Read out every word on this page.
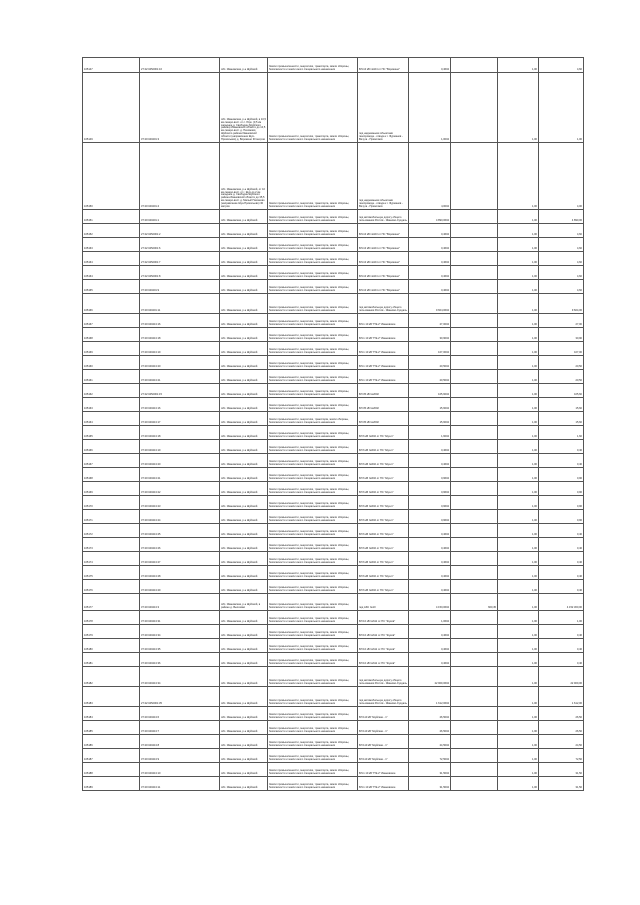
105147	27:22:0452001:16	обл. Ивановская, р-н Шуйский	Земли промышленности, энергетики, транспорта, земли обороны, безопасности и земли иного специального назначения	ВЛ-10 кВ №104 от ПС "Ворожино"	0,4604		1,00	4,60
105149	37:20:040401:3	обл. Ивановская, р-н Шуйский, в 10,5 км северо-вост. от с. Юрк. (0,5 км западнее д. Свободин (Шуйского района) Ивановской области до 10,5 км северо-вост. д. Пахомово; Шуйского района Ивановской области (направление Шуя-Прокопьево) д. Ворожино 30 метров	Земли промышленности, энергетики, транспорта, земли обороны, безопасности и земли иного специального назначения	под надземными объектами газопровода - отвода к г. Фурманов - Вичуга - Приволжск	1,0004		1,00	1,00
105150	37:20:040401:4	обл. Ивановская, р-н Шуйский, от 10 км северо-вост. от г. Шуя до 2 км западнее д. Свободин Шуйского района Ивановской области до 35,5 км северо-вост. д. Малый Пахомово (направление Шуя-Прокопьево) 30 метров	Земли промышленности, энергетики, транспорта, земли обороны, безопасности и земли иного специального назначения	под надземными объектами газопровода - отвода к г. Фурманов - Вичуга - Приволжск	4,0004		1,00	4,00
105151	37:20:040401:1	обл. Ивановская, р-н Шуйский	Земли промышленности, энергетики, транспорта, земли обороны, безопасности и земли иного специального назначения	под автомобильную дорогу общего пользования Ростов - Иваново-Суздаль	4 890,0604		1,00	4 890,06
105152	27:22:0452001:2	обл. Ивановская, р-н Шуйский	Земли промышленности, энергетики, транспорта, земли обороны, безопасности и земли иного специального назначения	ВЛ-10 кВ №103 от ПС "Ворожино"	0,4604		1,00	4,60
105163	27:22:0452001:6	обл. Ивановская, р-н Шуйский	Земли промышленности, энергетики, транспорта, земли обороны, безопасности и земли иного специального назначения	ВЛ-10 кВ №104 от ПС "Ворожино"	0,4604		1,00	4,60
105164	27:22:0452001:7	обл. Ивановская, р-н Шуйский	Земли промышленности, энергетики, транспорта, земли обороны, безопасности и земли иного специального назначения	ВЛ-10 кВ №104 от ПС "Ворожино"	0,4604		1,00	4,60
105164	27:22:0452001:8	обл. Ивановская, р-н Шуйский	Земли промышленности, энергетики, транспорта, земли обороны, безопасности и земли иного специального назначения	ВЛ-10 кВ №104 от ПС "Ворожино"	0,4604		1,00	4,60
105165	37:20:040401:9	обл. Ивановская, р-н Шуйский	Земли промышленности, энергетики, транспорта, земли обороны, безопасности и земли иного специального назначения	ВЛ-10 кВ №104 от ПС "Ворожино"	0,4604		1,00	4,60
105166	37:20:040401:11	обл. Ивановская, р-н Шуйский	Земли промышленности, энергетики, транспорта, земли обороны, безопасности и земли иного специального назначения	под автомобильную дорогу общего пользования Ростов - Иваново-Суздаль	9 604,0604		1,00	9 604,06
105167	37:20:040413:16	обл. Ивановская, р-н Шуйский	Земли промышленности, энергетики, транспорта, земли обороны, безопасности и земли иного специального назначения	ВЛ-1 10 кВ "ПЭ-2" Ивановское	27,0004		1,00	27,00
105168	37:20:040413:18	обл. Ивановская, р-н Шуйский	Земли промышленности, энергетики, транспорта, земли обороны, безопасности и земли иного специального назначения	ВЛ-1 10 кВ "ПЭ-2" Ивановское	30,9004		1,00	30,90
105169	37:20:040413:19	обл. Ивановская, р-н Шуйский	Земли промышленности, энергетики, транспорта, земли обороны, безопасности и земли иного специального назначения	ВЛ-1 10 кВ "ПЭ-2" Ивановское	107,0004		1,00	107,00
105160	37:20:040413:20	обл. Ивановская, р-н Шуйский	Земли промышленности, энергетики, транспорта, земли обороны, безопасности и земли иного специального назначения	ВЛ-1 10 кВ "ПЭ-2" Ивановское	20,5004		1,00	20,50
105161	37:20:040413:21	обл. Ивановская, р-н Шуйский	Земли промышленности, энергетики, транспорта, земли обороны, безопасности и земли иного специального назначения	ВЛ-1 10 кВ "ПЭ-2" Ивановское	20,5004		1,00	20,50
105162	27:22:0452001:15	обл. Ивановская, р-н Шуйский	Земли промышленности, энергетики, транспорта, земли обороны, безопасности и земли иного специального назначения	ВЛ 35 кВ №2002	105,6004		1,00	105,60
105163	37:20:040413:16	обл. Ивановская, р-н Шуйский	Земли промышленности, энергетики, транспорта, земли обороны, безопасности и земли иного специального назначения	ВЛ 35 кВ №2002	15,6004		1,00	15,60
105164	37:20:040413:17	обл. Ивановская, р-н Шуйский	Земли промышленности, энергетики, транспорta, земли обороны, безопасности и земли иного специального назначения	ВЛ 35 кВ №2002	15,6004		1,00	15,60
105165	37:20:040413:18	обл. Ивановская, р-н Шуйский	Земли промышленности, энергетики, транспорта, земли обороны, безопасности и земли иного специального назначения	ВЛ 6 кВ №602 от ПС "Шуя-1"	1,6004		1,00	1,60
105166	37:20:040413:19	обл. Ивановская, р-н Шуйский	Земли промышленности, энергетики, транспорта, земли обороны, безопасности и земли иного специального назначения	ВЛ 6 кВ №602 от ПС "Шуя-1"	0,4604		1,00	0,46
105167	37:20:040413:20	обл. Ивановская, р-н Шуйский	Земли промышленности, энергетики, транспорта, земли обороны, безопасности и земли иного специального назначения	ВЛ 6 кВ №602 от ПС "Шуя-1"	0,4604		1,00	0,46
105168	37:20:040413:21	обл. Ивановская, р-н Шуйский	Земли промышленности, энергетики, транспорта, земли обороны, безопасности и земли иного специального назначения	ВЛ 6 кВ №602 от ПС "Шуя-1"	0,9604		1,00	0,96
105169	37:20:040413:22	обл. Ивановская, р-н Шуйский	Земли промышленности, энергетики, транспорта, земли обороны, безопасности и земли иного специального назначения	ВЛ 6 кВ №602 от ПС "Шуя-1"	0,9604		1,00	0,96
105170	37:20:040413:23	обл. Ивановская, р-н Шуйский	Земли промышленности, энергетики, транспорта, земли обороны, безопасности и земли иного специального назначения	ВЛ 6 кВ №602 от ПС "Шуя-1"	0,9604		1,00	0,96
105171	37:20:040413:24	обл. Ивановская, р-н Шуйский	Земли промышленности, энергетики, транспорта, земли обороны, безопасности и земли иного специального назначения	ВЛ 6 кВ №602 от ПС "Шуя-1"	0,9604		1,00	0,96
105172	37:20:040413:25	обл. Ивановская, р-н Шуйский	Земли промышленности, энергетики, транспорта, земли обороны, безопасности и земли иного специального назначения	ВЛ 6 кВ №602 от ПС "Шуя-1"	0,4604		1,00	0,46
105173	37:20:040413:26	обл. Ивановская, р-н Шуйский	Земли промышленности, энергетики, транспорта, земли обороны, безопасности и земли иного специального назначения	ВЛ 6 кВ №602 от ПС "Шуя-1"	0,4604		1,00	0,46
105174	37:20:040413:27	обл. Ивановская, р-н Шуйский	Земли промышленности, энергетики, транспорта, земли обороны, безопасности и земли иного специального назначения	ВЛ 6 кВ №602 от ПС "Шуя-1"	0,4604		1,00	0,46
105175	37:20:040413:28	обл. Ивановская, р-н Шуйский	Земли промышленности, энергетики, транспорта, земли обороны, безопасности и земли иного специального назначения	ВЛ 6 кВ №602 от ПС "Шуя-1"	0,4604		1,00	0,46
105176	37:20:040413:29	обл. Ивановская, р-н Шуйский	Земли промышленности, энергетики, транспорта, земли обороны, безопасности и земли иного специального назначения	ВЛ 6 кВ №602 от ПС "Шуя-1"	0,4604		1,00	0,46
105177	37:20:040413:3	обл. Ивановская, р-н Шуйский, в районе д. Высоково	Земли промышленности, энергетики, транспорта, земли обороны, безопасности и земли иного специального назначения	под АЗС №10	4 150,0604	660,45	1,00	4 152 300,00
105178	37:20:040413:31	обл. Ивановская, р-н Шуйский	Земли промышленности, энергетики, транспорта, земли обороны, безопасности и земли иного специального назначения	ВЛ 10 кВ №611 от ПС "Жуков"	1,0604		1,00	1,06
105179	37:20:040413:34	обл. Ивановская, р-н Шуйский	Земли промышленности, энергетики, транспорта, земли обороны, безопасности и земли иного специального назначения	ВЛ 10 кВ №611 от ПС "Жуков"	0,4604		1,00	0,46
105180	37:20:040413:35	обл. Ивановская, р-н Шуйский	Земли промышленности, энергетики, транспорта, земли обороны, безопасности и земли иного специального назначения	ВЛ 10 кВ №611 от ПС "Жуков"	0,4604		1,00	0,46
105181	37:20:040413:36	обл. Ивановская, р-н Шуйский	Земли промышленности, энергетики, транспорта, земли обороны, безопасности и земли иного специального назначения	ВЛ 10 кВ №611 от ПС "Жуков"	0,4604		1,00	0,46
105182	37:20:040413:34	обл. Ивановская, р-н Шуйский	Земли промышленности, энергетики, транспорта, земли обороны, безопасности и земли иного специального назначения	под автомобильную дорогу общего пользования Ростов - Иваново-Суздаль	22 909,0604		1,00	22 909,06
105183	27:22:0452001:35	обл. Ивановская, р-н Шуйский	Земли промышленности, энергетики, транспорта, земли обороны, безопасности и земли иного специального назначения	под автомобильную дорогу общего пользования Ростов - Иваново-Суздаль	1 612,0604		1,00	1 612,06
105184	37:20:040413:6	обл. Ивановская, р-н Шуйский	Земли промышленности, энергетики, транспорта, земли обороны, безопасности и земли иного специального назначения	ВЛ 110 кВ "Шуйская - 1"	26,5004		1,00	26,50
105185	37:20:040413:7	обл. Ивановская, р-н Шуйский	Земли промышленности, энергетики, транспорта, земли обороны, безопасности и земли иного специального назначения	ВЛ 110 кВ "Шуйская - 1"	26,5004		1,00	26,50
105186	37:20:040413:8	обл. Ивановская, р-н Шуйский	Земли промышленности, энергетики, транспорта, земли обороны, безопасности и земли иного специального назначения	ВЛ 110 кВ "Шуйская - 1"	24,5004		1,00	24,50
105187	37:20:040413:9	обл. Ивановская, р-н Шуйский	Земли промышленности, энергетики, транспорта, земли обороны, безопасности и земли иного специального назначения	ВЛ 110 кВ "Шуйская - 1"	72,5004		1,00	72,50
105188	37:20:040413:10	обл. Ивановская, р-н Шуйский	Земли промышленности, энергетики, транспорта, земли обороны, безопасности и земли иного специального назначения	ВЛ-1 10 кВ "ПЭ-2" Ивановское	31,5004		1,00	31,50
105189	37:20:040413:11	обл. Ивановская, р-н Шуйский	Земли промышленности, энергетики, транспорта, земли обороны, безопасности и земли иного специального назначения	ВЛ-1 10 кВ "ПЭ-2" Ивановское	31,5004		1,00	31,50
